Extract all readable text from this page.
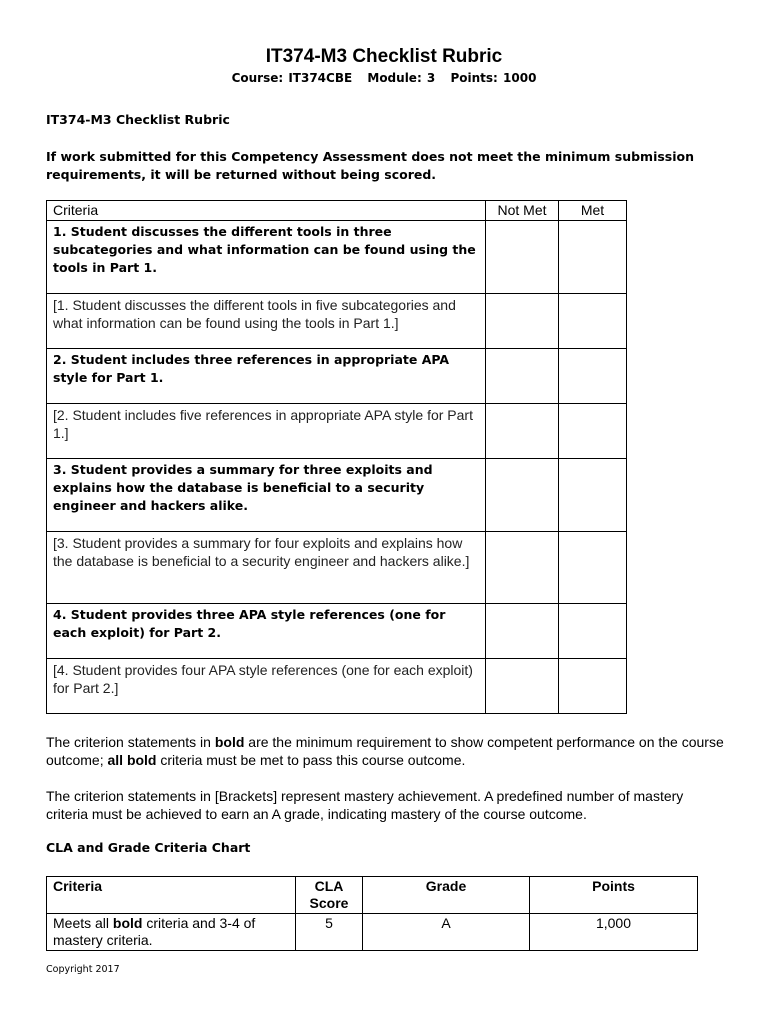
IT374-M3 Checklist Rubric
Course: IT374CBE Module: 3 Points: 1000
IT374-M3 Checklist Rubric
If work submitted for this Competency Assessment does not meet the minimum submission requirements, it will be returned without being scored.
Criteria	Not Met	Met
1. Student discusses the different tools in three subcategories and what information can be found using the tools in Part 1.		
[1. Student discusses the different tools in five subcategories and what information can be found using the tools in Part 1.]		
2. Student includes three references in appropriate APA style for Part 1.		
[2. Student includes five references in appropriate APA style for Part 1.]		
3. Student provides a summary for three exploits and explains how the database is beneficial to a security engineer and hackers alike.		
[3. Student provides a summary for four exploits and explains how the database is beneficial to a security engineer and hackers alike.]		
4. Student provides three APA style references (one for each exploit) for Part 2.		
[4. Student provides four APA style references (one for each exploit) for Part 2.]		
The criterion statements in bold are the minimum requirement to show competent performance on the course outcome; all bold criteria must be met to pass this course outcome.
The criterion statements in [Brackets] represent mastery achievement. A predefined number of mastery criteria must be achieved to earn an A grade, indicating mastery of the course outcome.
CLA and Grade Criteria Chart
Criteria	CLA Score	Grade	Points
Meets all bold criteria and 3-4 of mastery criteria.	5	A	1,000
Copyright 2017
